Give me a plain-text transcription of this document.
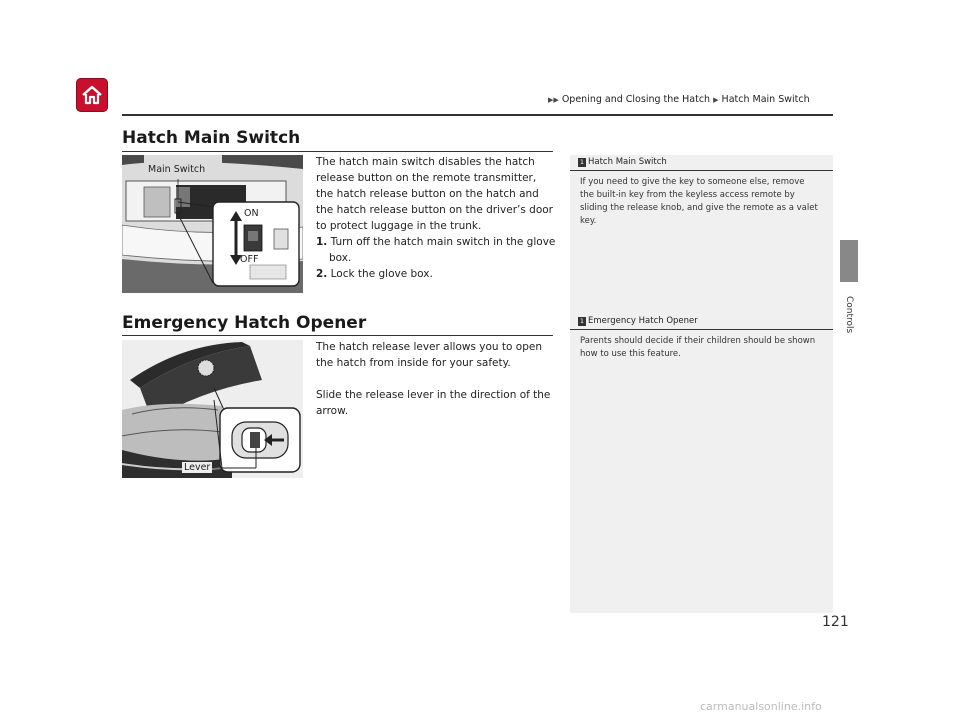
▶▶ Opening and Closing the Hatch ▶ Hatch Main Switch
Controls
Hatch Main Switch
Main Switch
ON
OFF

The hatch main switch disables the hatch release button on the remote transmitter, the hatch release button on the hatch and the hatch release button on the driver’s door to protect luggage in the trunk.

1. Turn off the hatch main switch in the glove box.

2. Lock the glove box.

Emergency Hatch Opener
Lever

The hatch release lever allows you to open the hatch from inside for your safety.

Slide the release lever in the direction of the arrow.

1 Hatch Main Switch
If you need to give the key to someone else, remove the built-in key from the keyless access remote by sliding the release knob, and give the remote as a valet key.
1 Emergency Hatch Opener
Parents should decide if their children should be shown how to use this feature.
121
carmanualsonline.info
